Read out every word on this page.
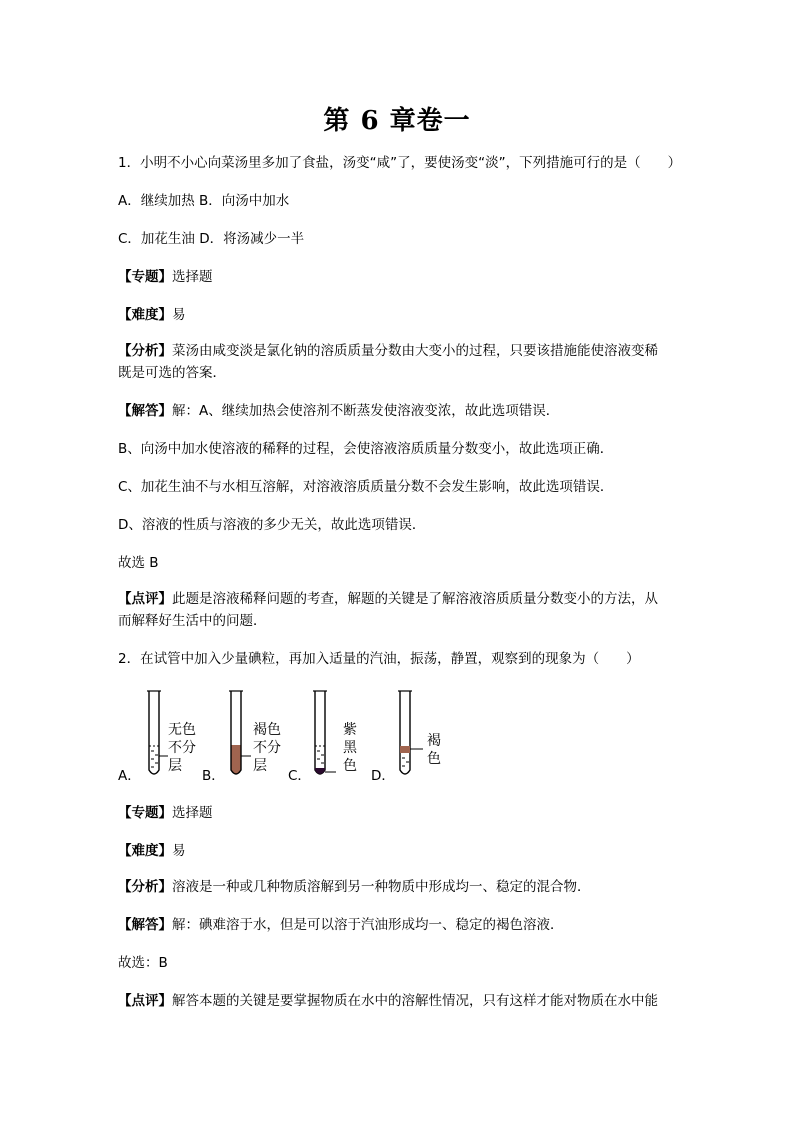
第 6 章卷一
1．小明不小心向菜汤里多加了食盐，汤变“咸”了，要使汤变“淡”，下列措施可行的是（　　）
A．继续加热 B．向汤中加水
C．加花生油 D．将汤减少一半
【专题】选择题
【难度】易
【分析】菜汤由咸变淡是氯化钠的溶质质量分数由大变小的过程，只要该措施能使溶液变稀
既是可选的答案．
【解答】解：A、继续加热会使溶剂不断蒸发使溶液变浓，故此选项错误．
B、向汤中加水使溶液的稀释的过程，会使溶液溶质质量分数变小，故此选项正确．
C、加花生油不与水相互溶解，对溶液溶质质量分数不会发生影响，故此选项错误．
D、溶液的性质与溶液的多少无关，故此选项错误．
故选 B
【点评】此题是溶液稀释问题的考查，解题的关键是了解溶液溶质质量分数变小的方法，从
而解释好生活中的问题．
2．在试管中加入少量碘粒，再加入适量的汽油，振荡，静置，观察到的现象为（　　）
A．	B．	C．	D．
无色
不分
层
褐色
不分
层
紫
黑
色
褐
色
【专题】选择题
【难度】易
【分析】溶液是一种或几种物质溶解到另一种物质中形成均一、稳定的混合物．
【解答】解：碘难溶于水，但是可以溶于汽油形成均一、稳定的褐色溶液．
故选：B
【点评】解答本题的关键是要掌握物质在水中的溶解性情况，只有这样才能对物质在水中能
